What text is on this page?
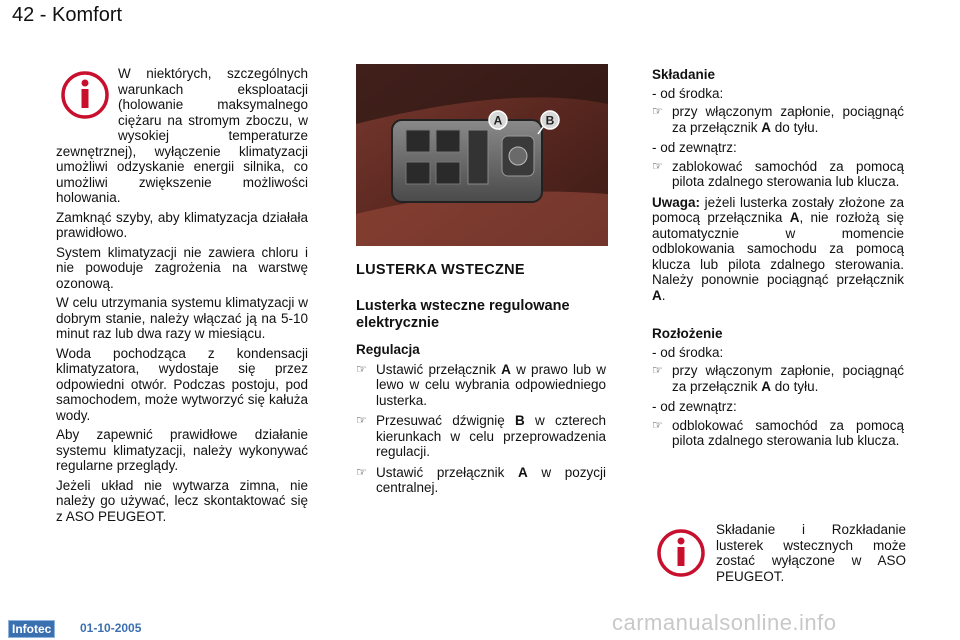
42 - Komfort

W niektórych, szczególnych warunkach eksploatacji (holowanie maksymalnego ciężaru na stromym zboczu, w wysokiej temperaturze zewnętrznej), wyłączenie klimatyzacji umożliwi odzyskanie energii silnika, co umożliwi zwiększenie możliwości holowania.

Zamknąć szyby, aby klimatyzacja działała prawidłowo.

System klimatyzacji nie zawiera chloru i nie powoduje zagrożenia na warstwę ozonową.

W celu utrzymania systemu klimatyzacji w dobrym stanie, należy włączać ją na 5-10 minut raz lub dwa razy w miesiącu.

Woda pochodząca z kondensacji klimatyzatora, wydostaje się przez odpowiedni otwór. Podczas postoju, pod samochodem, może wytworzyć się kałuża wody.

Aby zapewnić prawidłowe działanie systemu klimatyzacji, należy wykonywać regularne przeglądy.

Jeżeli układ nie wytwarza zimna, nie należy go używać, lecz skontaktować się z ASO PEUGEOT.

A	B
LUSTERKA WSTECZNE
Lusterka wsteczne regulowane elektrycznie
Regulacja
☞ Ustawić przełącznik A w prawo lub w lewo w celu wybrania odpowiedniego lusterka.
☞ Przesuwać dźwignię B w czterech kierunkach w celu przeprowadzenia regulacji.
☞ Ustawić przełącznik A w pozycji centralnej.

Składanie

- od środka:

☞ przy włączonym zapłonie, pociągnąć za przełącznik A do tyłu.

- od zewnątrz:

☞ zablokować samochód za pomocą pilota zdalnego sterowania lub klucza.

Uwaga: jeżeli lusterka zostały złożone za pomocą przełącznika A, nie rozłożą się automatycznie w momencie odblokowania samochodu za pomocą klucza lub pilota zdalnego sterowania. Należy ponownie pociągnąć przełącznik A.

Rozłożenie

- od środka:

☞ przy włączonym zapłonie, pociągnąć za przełącznik A do tyłu.

- od zewnątrz:

☞ odblokować samochód za pomocą pilota zdalnego sterowania lub klucza.
Składanie i Rozkładanie lusterek wstecznych może zostać wyłączone w ASO PEUGEOT.
Infotec	01-10-2005	carmanualsonline.info
